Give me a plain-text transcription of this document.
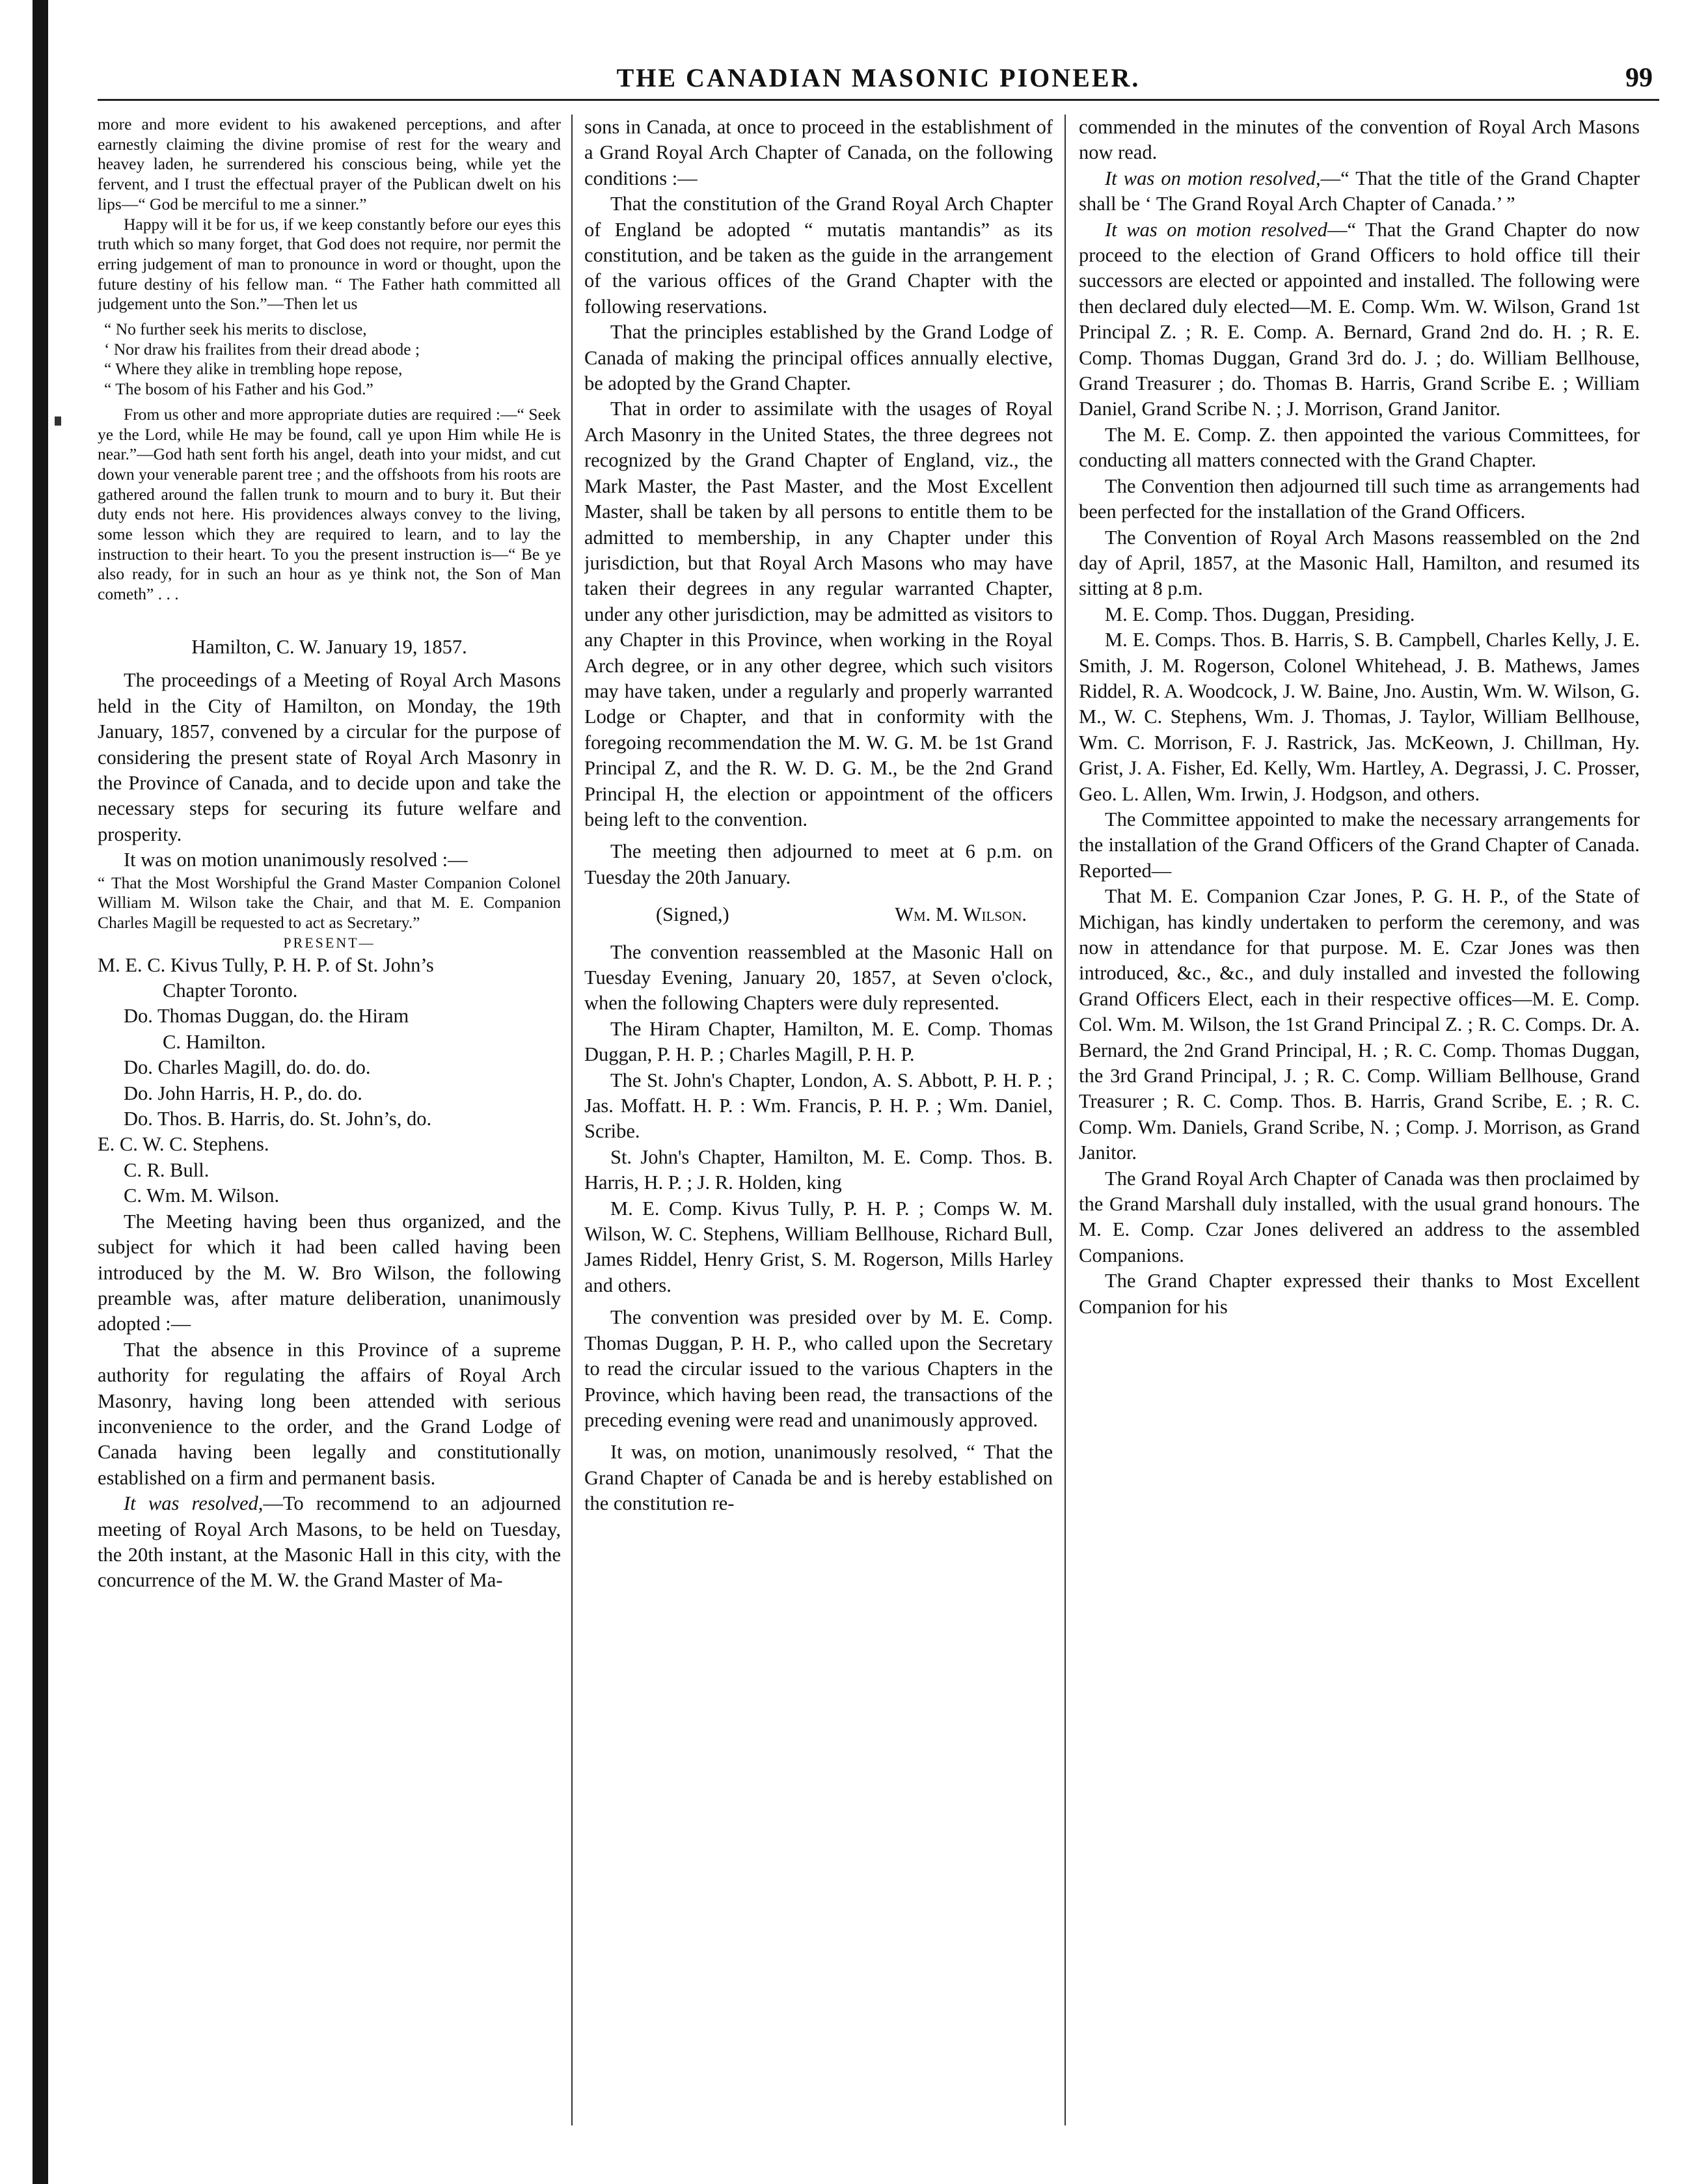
THE CANADIAN MASONIC PIONEER.	99

more and more evident to his awakened perceptions, and after earnestly claiming the divine promise of rest for the weary and heavey laden, he surrendered his conscious being, while yet the fervent, and I trust the effectual prayer of the Publican dwelt on his lips—“ God be merciful to me a sinner.”

Happy will it be for us, if we keep constantly before our eyes this truth which so many forget, that God does not require, nor permit the erring judgement of man to pronounce in word or thought, upon the future destiny of his fellow man. “ The Father hath committed all judgement unto the Son.”—Then let us

“ No further seek his merits to disclose,

‘ Nor draw his frailites from their dread abode ;

“ Where they alike in trembling hope repose,

“ The bosom of his Father and his God.”

From us other and more appropriate duties are required :—“ Seek ye the Lord, while He may be found, call ye upon Him while He is near.”—God hath sent forth his angel, death into your midst, and cut down your venerable parent tree ; and the offshoots from his roots are gathered around the fallen trunk to mourn and to bury it. But their duty ends not here. His providences always convey to the living, some lesson which they are required to learn, and to lay the instruction to their heart. To you the present instruction is—“ Be ye also ready, for in such an hour as ye think not, the Son of Man cometh” . . .

Hamilton, C. W. January 19, 1857.

The proceedings of a Meeting of Royal Arch Masons held in the City of Hamilton, on Monday, the 19th January, 1857, convened by a circular for the purpose of considering the present state of Royal Arch Masonry in the Province of Canada, and to decide upon and take the necessary steps for securing its future welfare and prosperity.

It was on motion unanimously resolved :—

“ That the Most Worshipful the Grand Master Companion Colonel William M. Wilson take the Chair, and that M. E. Companion Charles Magill be requested to act as Secretary.”

PRESENT—

M. E. C. Kivus Tully, P. H. P. of St. John’s

Chapter Toronto.

Do. Thomas Duggan, do. the Hiram

C. Hamilton.

Do. Charles Magill, do. do. do.

Do. John Harris, H. P., do. do.

Do. Thos. B. Harris, do. St. John’s, do.

E. C. W. C. Stephens.

C. R. Bull.

C. Wm. M. Wilson.

The Meeting having been thus organized, and the subject for which it had been called having been introduced by the M. W. Bro Wilson, the following preamble was, after mature deliberation, unanimously adopted :—

That the absence in this Province of a supreme authority for regulating the affairs of Royal Arch Masonry, having long been attended with serious inconvenience to the order, and the Grand Lodge of Canada having been legally and constitutionally established on a firm and permanent basis.

It was resolved,—To recommend to an adjourned meeting of Royal Arch Masons, to be held on Tuesday, the 20th instant, at the Masonic Hall in this city, with the concurrence of the M. W. the Grand Master of Ma-

sons in Canada, at once to proceed in the establishment of a Grand Royal Arch Chapter of Canada, on the following conditions :—

That the constitution of the Grand Royal Arch Chapter of England be adopted “ mutatis mantandis” as its constitution, and be taken as the guide in the arrangement of the various offices of the Grand Chapter with the following reservations.

That the principles established by the Grand Lodge of Canada of making the principal offices annually elective, be adopted by the Grand Chapter.

That in order to assimilate with the usages of Royal Arch Masonry in the United States, the three degrees not recognized by the Grand Chapter of England, viz., the Mark Master, the Past Master, and the Most Excellent Master, shall be taken by all persons to entitle them to be admitted to membership, in any Chapter under this jurisdiction, but that Royal Arch Masons who may have taken their degrees in any regular warranted Chapter, under any other jurisdiction, may be admitted as visitors to any Chapter in this Province, when working in the Royal Arch degree, or in any other degree, which such visitors may have taken, under a regularly and properly warranted Lodge or Chapter, and that in conformity with the foregoing recommendation the M. W. G. M. be 1st Grand Principal Z, and the R. W. D. G. M., be the 2nd Grand Principal H, the election or appointment of the officers being left to the convention.

The meeting then adjourned to meet at 6 p.m. on Tuesday the 20th January.

(Signed,)	Wm. M. Wilson.

The convention reassembled at the Masonic Hall on Tuesday Evening, January 20, 1857, at Seven o'clock, when the following Chapters were duly represented.

The Hiram Chapter, Hamilton, M. E. Comp. Thomas Duggan, P. H. P. ; Charles Magill, P. H. P.

The St. John's Chapter, London, A. S. Abbott, P. H. P. ; Jas. Moffatt. H. P. : Wm. Francis, P. H. P. ; Wm. Daniel, Scribe.

St. John's Chapter, Hamilton, M. E. Comp. Thos. B. Harris, H. P. ; J. R. Holden, king

M. E. Comp. Kivus Tully, P. H. P. ; Comps W. M. Wilson, W. C. Stephens, William Bellhouse, Richard Bull, James Riddel, Henry Grist, S. M. Rogerson, Mills Harley and others.

The convention was presided over by M. E. Comp. Thomas Duggan, P. H. P., who called upon the Secretary to read the circular issued to the various Chapters in the Province, which having been read, the transactions of the preceding evening were read and unanimously approved.

It was, on motion, unanimously resolved, “ That the Grand Chapter of Canada be and is hereby established on the constitution re-

commended in the minutes of the convention of Royal Arch Masons now read.

It was on motion resolved,—“ That the title of the Grand Chapter shall be ‘ The Grand Royal Arch Chapter of Canada.’ ”

It was on motion resolved—“ That the Grand Chapter do now proceed to the election of Grand Officers to hold office till their successors are elected or appointed and installed. The following were then declared duly elected—M. E. Comp. Wm. W. Wilson, Grand 1st Principal Z. ; R. E. Comp. A. Bernard, Grand 2nd do. H. ; R. E. Comp. Thomas Duggan, Grand 3rd do. J. ; do. William Bellhouse, Grand Treasurer ; do. Thomas B. Harris, Grand Scribe E. ; William Daniel, Grand Scribe N. ; J. Morrison, Grand Janitor.

The M. E. Comp. Z. then appointed the various Committees, for conducting all matters connected with the Grand Chapter.

The Convention then adjourned till such time as arrangements had been perfected for the installation of the Grand Officers.

The Convention of Royal Arch Masons reassembled on the 2nd day of April, 1857, at the Masonic Hall, Hamilton, and resumed its sitting at 8 p.m.

M. E. Comp. Thos. Duggan, Presiding.

M. E. Comps. Thos. B. Harris, S. B. Campbell, Charles Kelly, J. E. Smith, J. M. Rogerson, Colonel Whitehead, J. B. Mathews, James Riddel, R. A. Woodcock, J. W. Baine, Jno. Austin, Wm. W. Wilson, G. M., W. C. Stephens, Wm. J. Thomas, J. Taylor, William Bellhouse, Wm. C. Morrison, F. J. Rastrick, Jas. McKeown, J. Chillman, Hy. Grist, J. A. Fisher, Ed. Kelly, Wm. Hartley, A. Degrassi, J. C. Prosser, Geo. L. Allen, Wm. Irwin, J. Hodgson, and others.

The Committee appointed to make the necessary arrangements for the installation of the Grand Officers of the Grand Chapter of Canada. Reported—

That M. E. Companion Czar Jones, P. G. H. P., of the State of Michigan, has kindly undertaken to perform the ceremony, and was now in attendance for that purpose. M. E. Czar Jones was then introduced, &c., &c., and duly installed and invested the following Grand Officers Elect, each in their respective offices—M. E. Comp. Col. Wm. M. Wilson, the 1st Grand Principal Z. ; R. C. Comps. Dr. A. Bernard, the 2nd Grand Principal, H. ; R. C. Comp. Thomas Duggan, the 3rd Grand Principal, J. ; R. C. Comp. William Bellhouse, Grand Treasurer ; R. C. Comp. Thos. B. Harris, Grand Scribe, E. ; R. C. Comp. Wm. Daniels, Grand Scribe, N. ; Comp. J. Morrison, as Grand Janitor.

The Grand Royal Arch Chapter of Canada was then proclaimed by the Grand Marshall duly installed, with the usual grand honours. The M. E. Comp. Czar Jones delivered an address to the assembled Companions.

The Grand Chapter expressed their thanks to Most Excellent Companion for his
